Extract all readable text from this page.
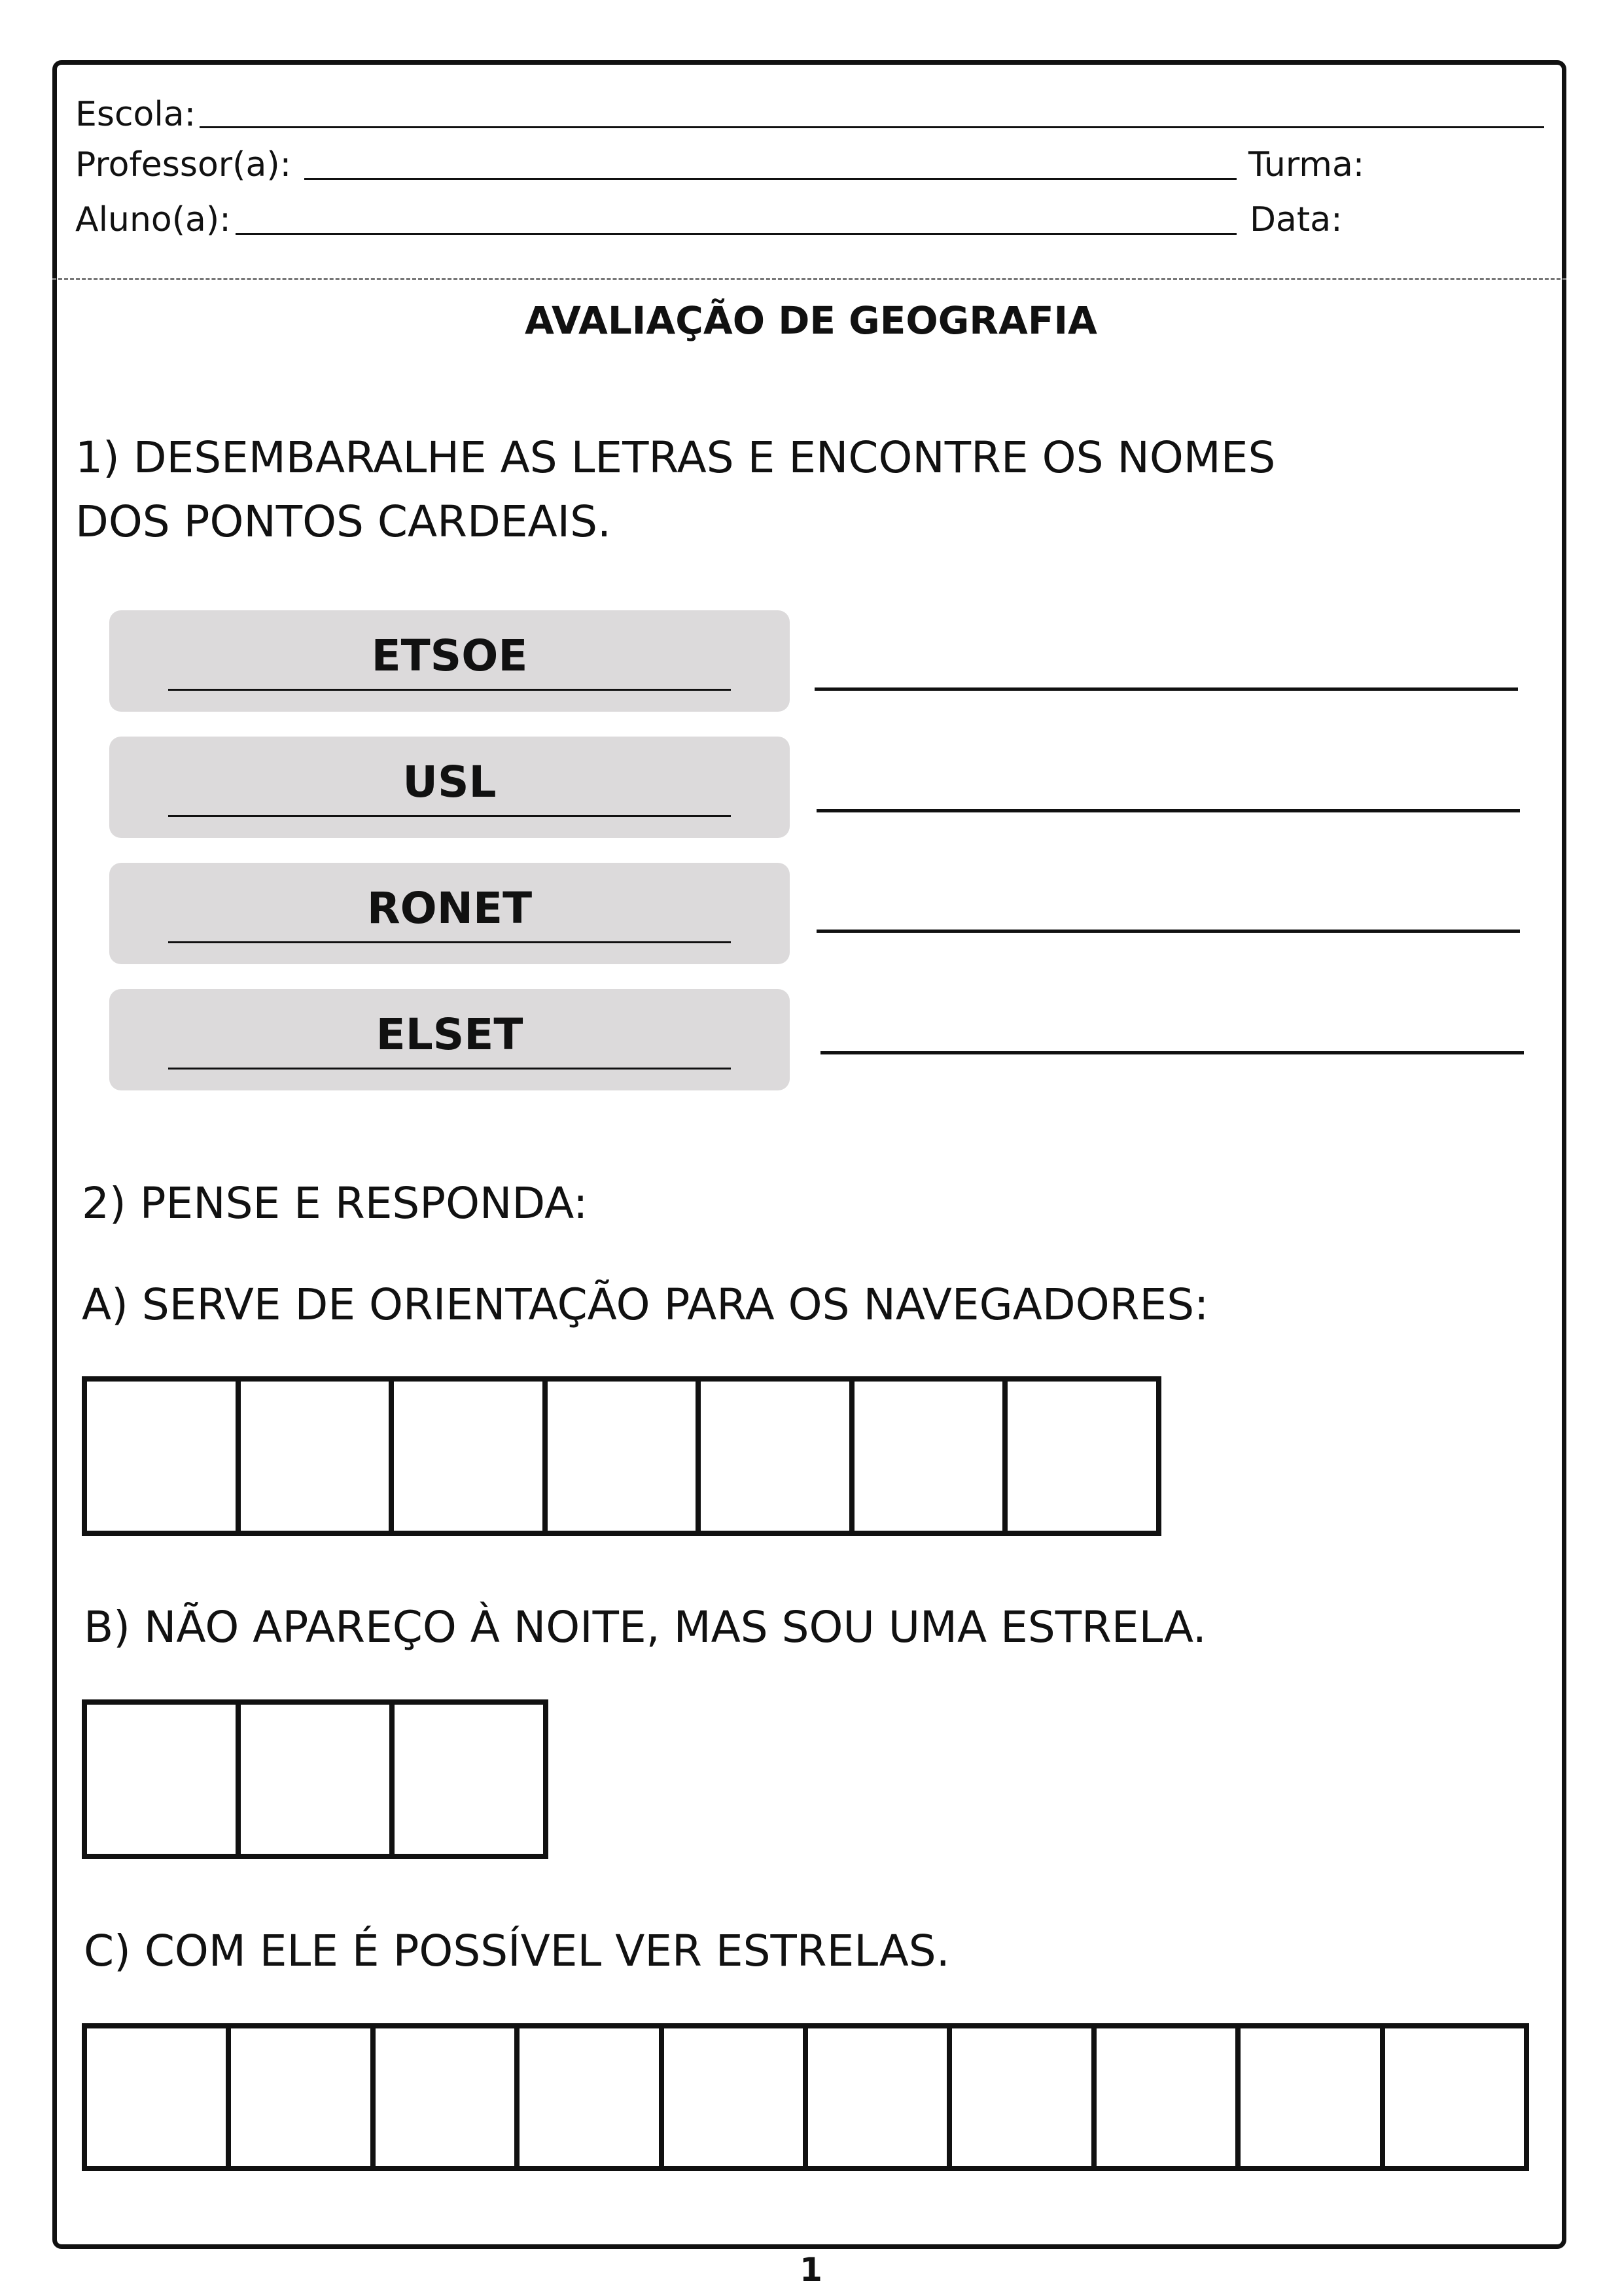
Escola:
Professor(a):	Turma:
Aluno(a):	Data:
AVALIAÇÃO DE GEOGRAFIA
1) DESEMBARALHE AS LETRAS E ENCONTRE OS NOMES
DOS PONTOS CARDEAIS.
ETSOE
USL
RONET
ELSET
2) PENSE E RESPONDA:
A) SERVE DE ORIENTAÇÃO PARA OS NAVEGADORES:
B) NÃO APAREÇO À NOITE, MAS SOU UMA ESTRELA.
C) COM ELE É POSSÍVEL VER ESTRELAS.
1
